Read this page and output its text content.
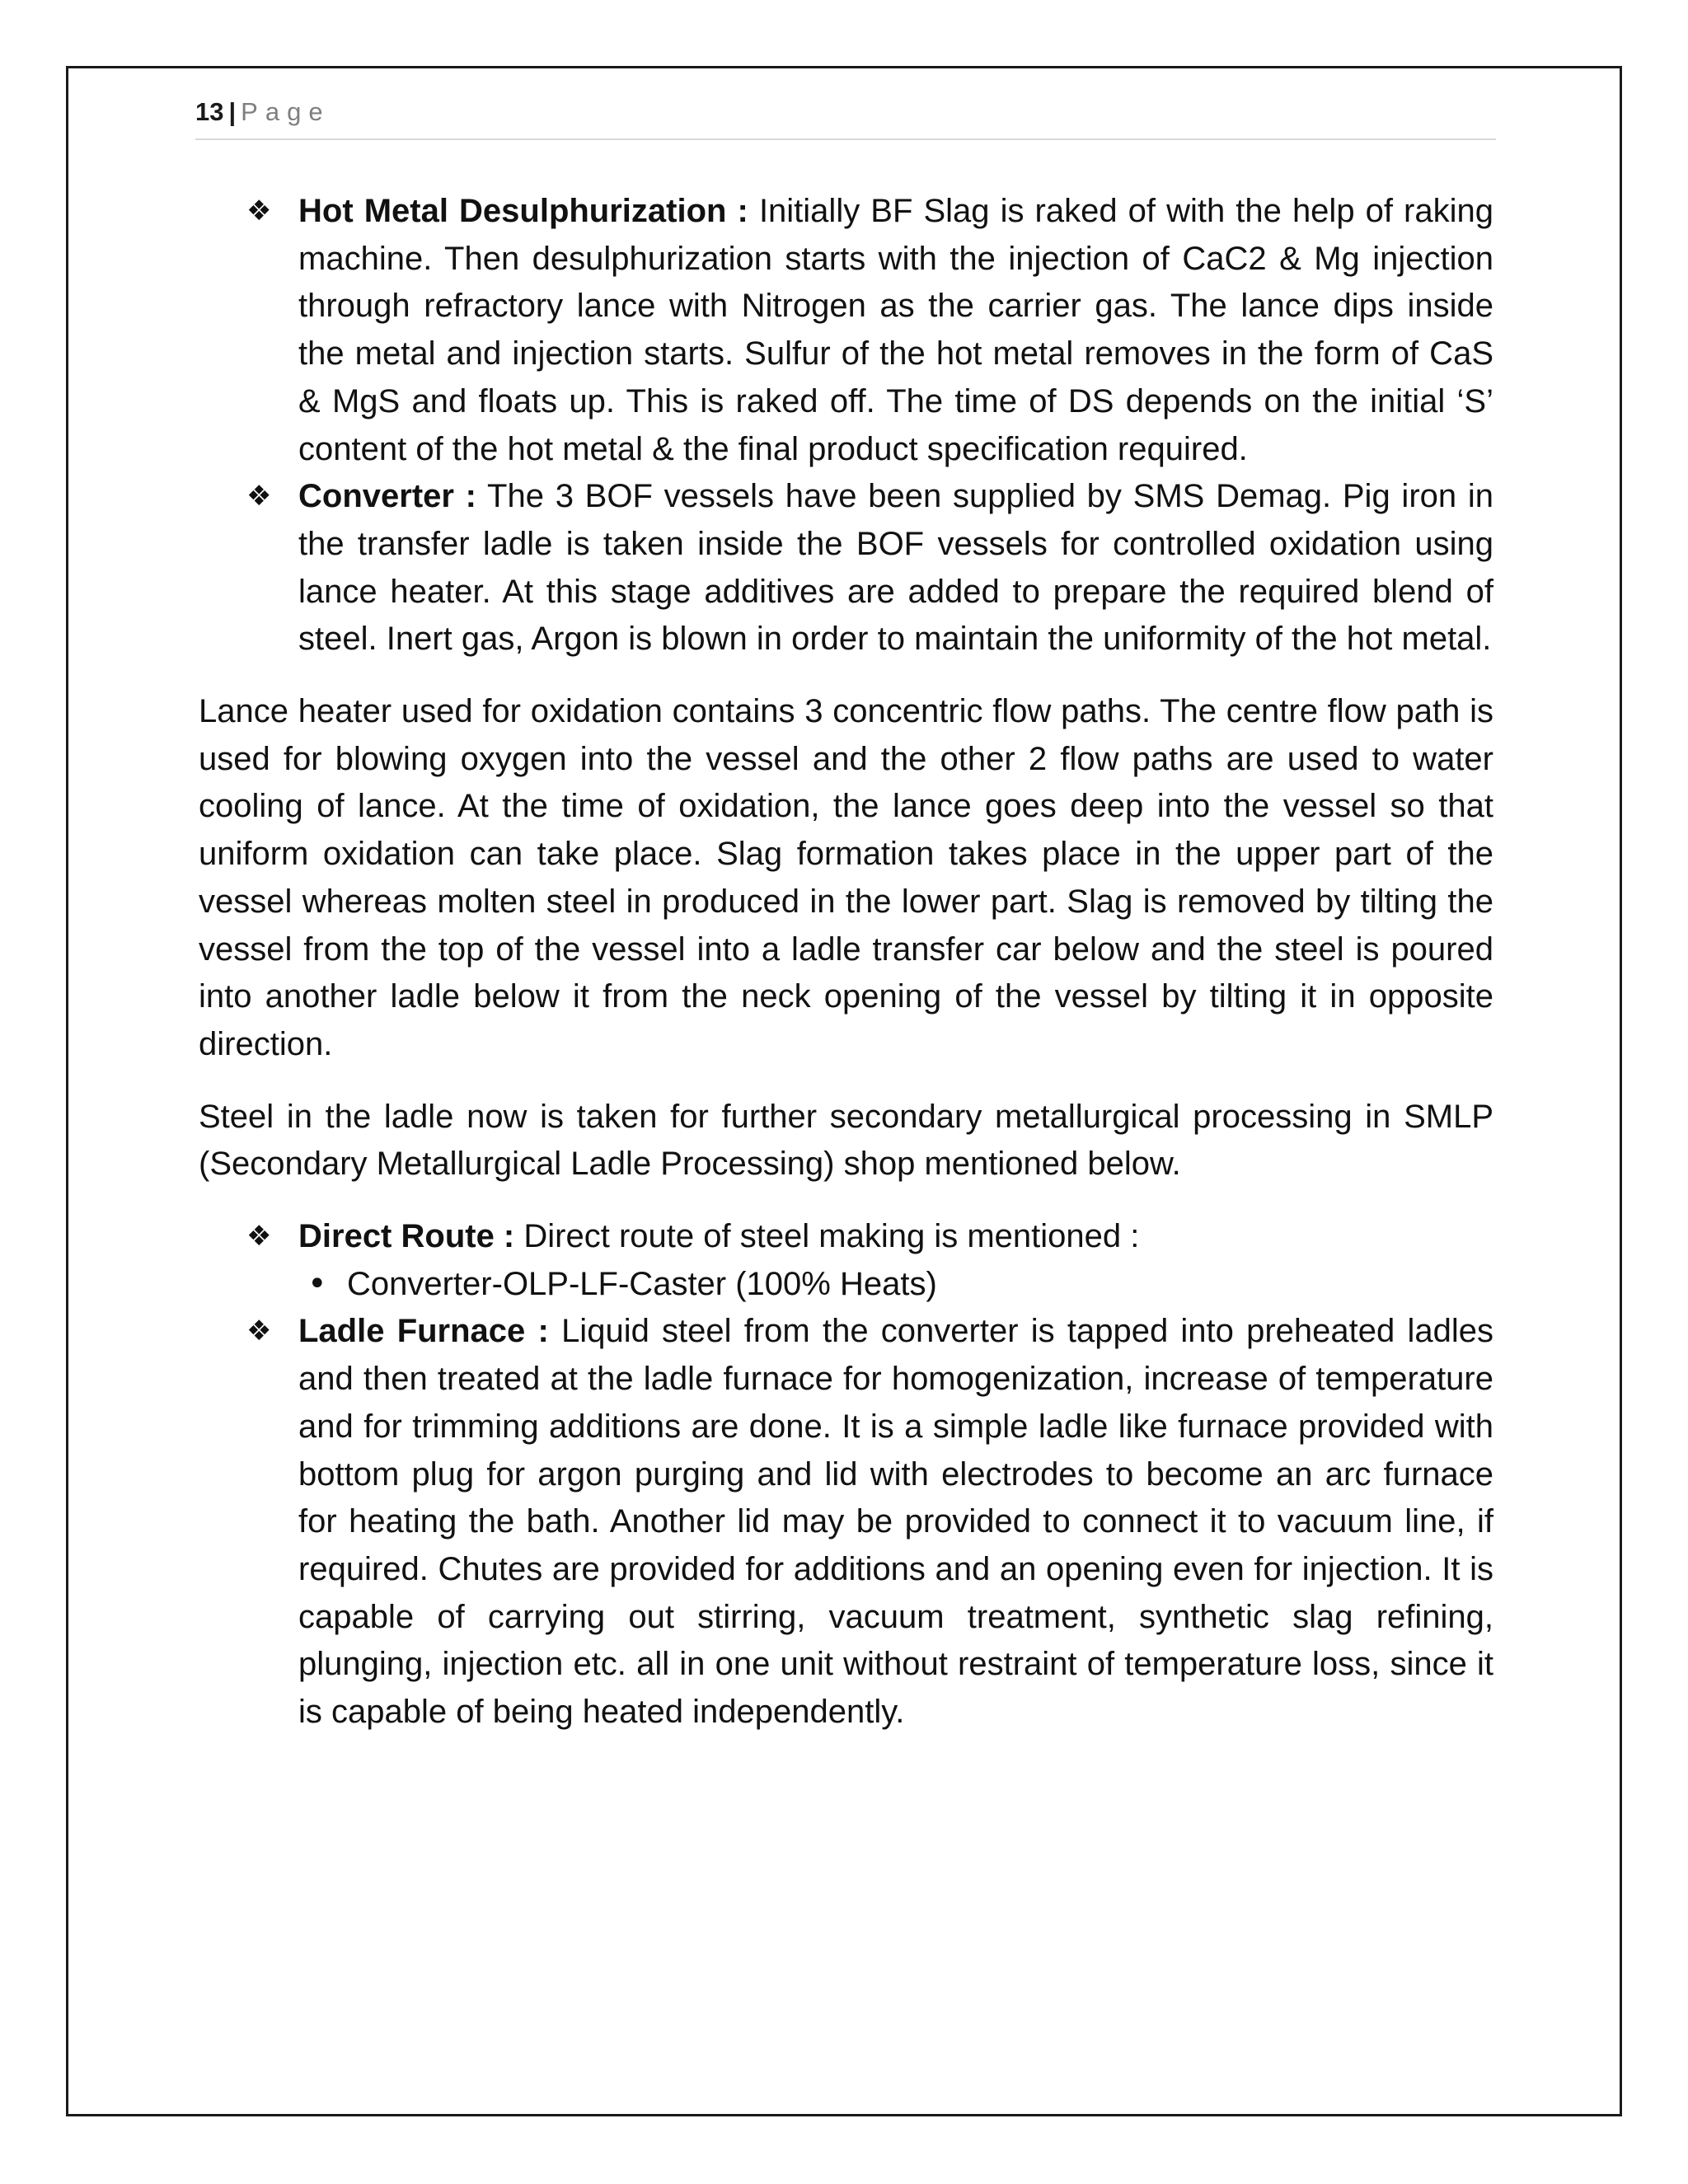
13 | Page
❖ Hot Metal Desulphurization : Initially BF Slag is raked of with the help of raking machine. Then desulphurization starts with the injection of CaC2 & Mg injection through refractory lance with Nitrogen as the carrier gas. The lance dips inside the metal and injection starts. Sulfur of the hot metal removes in the form of CaS & MgS and floats up. This is raked off. The time of DS depends on the initial ‘S’ content of the hot metal & the final product specification required.
❖ Converter : The 3 BOF vessels have been supplied by SMS Demag. Pig iron in the transfer ladle is taken inside the BOF vessels for controlled oxidation using lance heater. At this stage additives are added to prepare the required blend of steel. Inert gas, Argon is blown in order to maintain the uniformity of the hot metal.

Lance heater used for oxidation contains 3 concentric flow paths. The centre flow path is used for blowing oxygen into the vessel and the other 2 flow paths are used to water cooling of lance. At the time of oxidation, the lance goes deep into the vessel so that uniform oxidation can take place. Slag formation takes place in the upper part of the vessel whereas molten steel in produced in the lower part. Slag is removed by tilting the vessel from the top of the vessel into a ladle transfer car below and the steel is poured into another ladle below it from the neck opening of the vessel by tilting it in opposite direction.

Steel in the ladle now is taken for further secondary metallurgical processing in SMLP (Secondary Metallurgical Ladle Processing) shop mentioned below.

❖ Direct Route : Direct route of steel making is mentioned :
• Converter-OLP-LF-Caster (100% Heats)
❖ Ladle Furnace : Liquid steel from the converter is tapped into preheated ladles and then treated at the ladle furnace for homogenization, increase of temperature and for trimming additions are done. It is a simple ladle like furnace provided with bottom plug for argon purging and lid with electrodes to become an arc furnace for heating the bath. Another lid may be provided to connect it to vacuum line, if required. Chutes are provided for additions and an opening even for injection. It is capable of carrying out stirring, vacuum treatment, synthetic slag refining, plunging, injection etc. all in one unit without restraint of temperature loss, since it is capable of being heated independently.
